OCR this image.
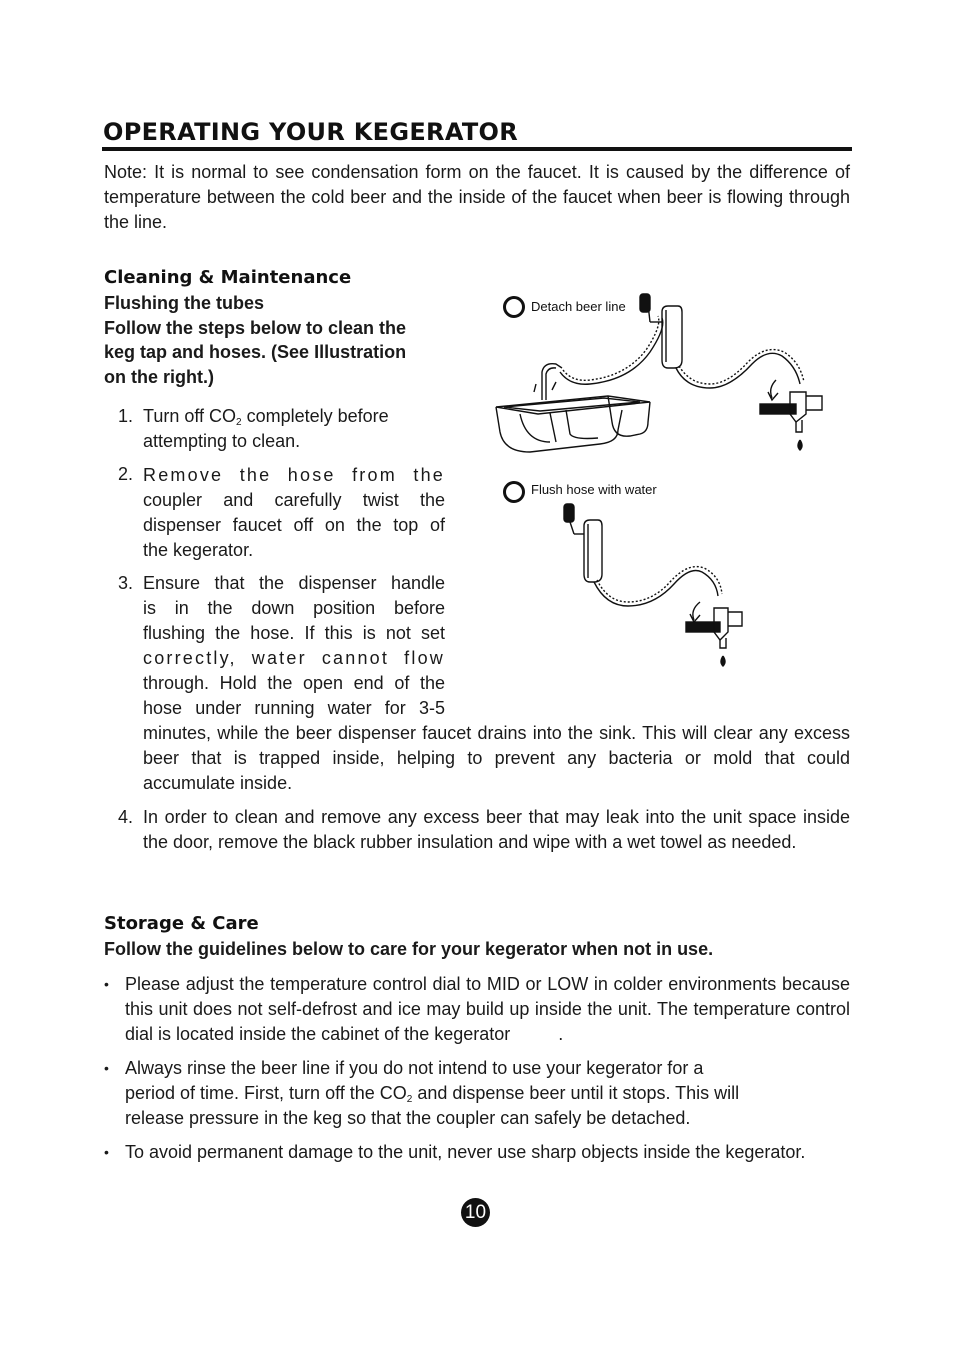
OPERATING YOUR KEGERATOR
Note: It is normal to see condensation form on the faucet. It is caused by the difference of temperature between the cold beer and the inside of the faucet when beer is flowing through the line.
Cleaning & Maintenance
Flushing the tubes
Follow the steps below to clean the
keg tap and hoses. (See Illustration
on the right.)
1. Turn off $CO_2$ completely before
attempting to clean.
2. Remove the hose from the
coupler and carefully twist the
dispenser faucet off on the top of
the kegerator.
3. Ensure that the dispenser handle
is in the down position before
flushing the hose. If this is not set
correctly, water cannot flow
through. Hold the open end of the
hose under running water for 3-5
minutes, while the beer dispenser faucet drains into the sink. This will clear any excess beer that is trapped inside, helping to prevent any bacteria or mold that could accumulate inside.
4. In order to clean and remove any excess beer that may leak into the unit space inside the door, remove the black rubber insulation and wipe with a wet towel as needed.
Detach beer line
Flush hose with water
Storage & Care
Follow the guidelines below to care for your kegerator when not in use.
• Please adjust the temperature control dial to MID or LOW in colder environments because this unit does not self-defrost and ice may build up inside the unit. The temperature control dial is located inside the cabinet of the kegerator	.
• Always rinse the beer line if you do not intend to use your kegerator for a
period of time. First, turn off the $CO_2$ and dispense beer until it stops. This will
release pressure in the keg so that the coupler can safely be detached.
• To avoid permanent damage to the unit, never use sharp objects inside the kegerator.
10
